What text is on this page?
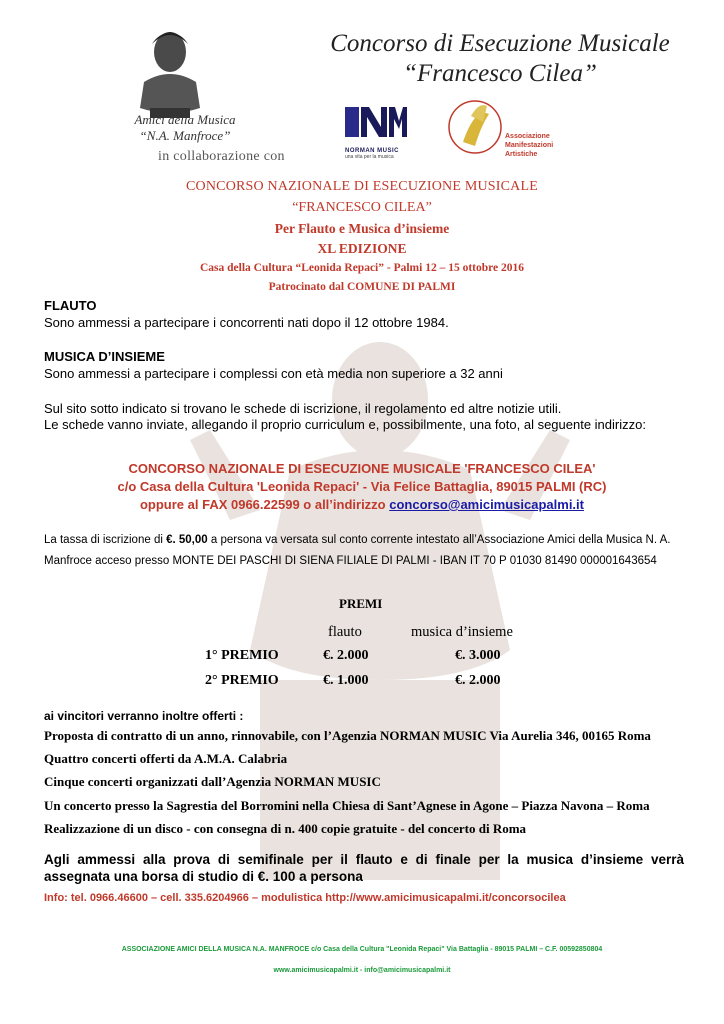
Amici della Musica
“N.A. Manfroce”
in collaborazione con
Concorso di Esecuzione Musicale
“Francesco Cilea”
NORMAN MUSIC
una vita per la musica
Associazione
Manifestazioni
Artistiche
CONCORSO NAZIONALE DI ESECUZIONE MUSICALE
“FRANCESCO CILEA”
Per Flauto e Musica d’insieme
XL EDIZIONE
Casa della Cultura “Leonida Repaci” - Palmi 12 – 15 ottobre 2016
Patrocinato dal COMUNE DI PALMI
FLAUTO
Sono ammessi a partecipare i concorrenti nati dopo il 12 ottobre 1984.
MUSICA D’INSIEME
Sono ammessi a partecipare i complessi con età media non superiore a 32 anni
Sul sito sotto indicato si trovano le schede di iscrizione, il regolamento ed altre notizie utili.
Le schede vanno inviate, allegando il proprio curriculum e, possibilmente, una foto, al seguente indirizzo:
CONCORSO NAZIONALE DI ESECUZIONE MUSICALE 'FRANCESCO CILEA'
c/o Casa della Cultura 'Leonida Repaci' - Via Felice Battaglia, 89015 PALMI (RC)
oppure al FAX 0966.22599 o all’indirizzo concorso@amicimusicapalmi.it
La tassa di iscrizione di €. 50,00 a persona va versata sul conto corrente intestato all’Associazione Amici della Musica N. A. Manfroce acceso presso MONTE DEI PASCHI DI SIENA FILIALE DI PALMI - IBAN IT 70 P 01030 81490 000001643654
PREMI
flauto	musica d’insieme
1° PREMIO	€. 2.000	€. 3.000
2° PREMIO	€. 1.000	€. 2.000
ai vincitori verranno inoltre offerti :
Proposta di contratto di un anno, rinnovabile, con l’Agenzia NORMAN MUSIC Via Aurelia 346, 00165 Roma
Quattro concerti offerti da A.M.A. Calabria
Cinque concerti organizzati dall’Agenzia NORMAN MUSIC
Un concerto presso la Sagrestia del Borromini nella Chiesa di Sant’Agnese in Agone – Piazza Navona – Roma
Realizzazione di un disco - con consegna di n. 400 copie gratuite - del concerto di Roma
Agli ammessi alla prova di semifinale per il flauto e di finale per la musica d’insieme verrà assegnata una borsa di studio di €. 100 a persona
Info: tel. 0966.46600 – cell. 335.6204966 – modulistica http://www.amicimusicapalmi.it/concorsocilea
ASSOCIAZIONE AMICI DELLA MUSICA N.A. MANFROCE c/o Casa della Cultura "Leonida Repaci" Via Battaglia - 89015 PALMI – C.F. 00592850804
www.amicimusicapalmi.it - info@amicimusicapalmi.it
